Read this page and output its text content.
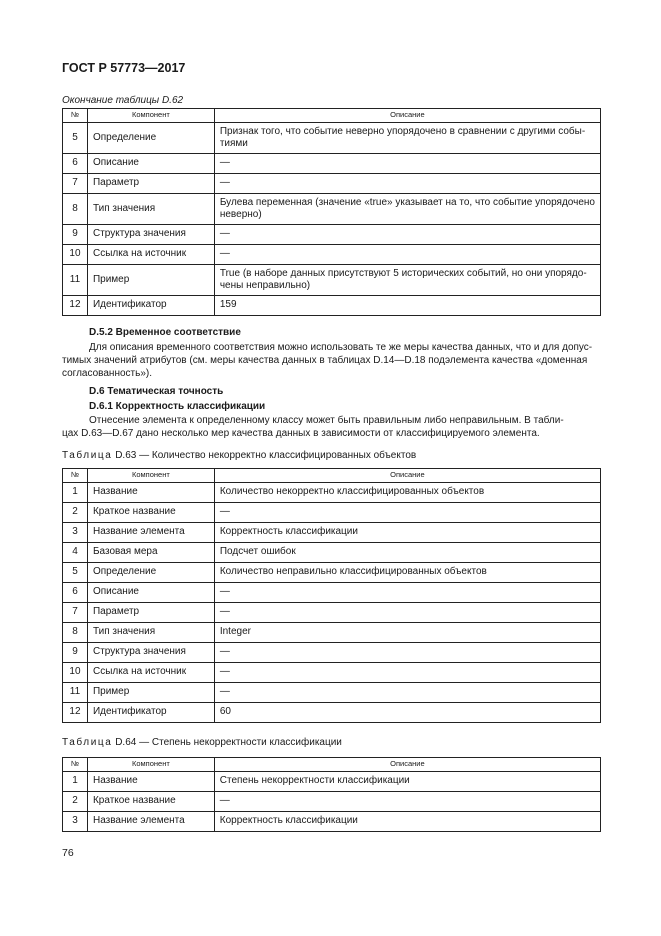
ГОСТ Р 57773—2017
Окончание таблицы D.62
№	Компонент	Описание
5	Определение	Признак того, что событие неверно упорядочено в сравнении с другими собы-
тиями

6	Описание	—
7	Параметр	—
8	Тип значения	Булева переменная (значение «true» указывает на то, что событие упорядочено
неверно)

9	Структура значения	—
10	Ссылка на источник	—
11	Пример	True (в наборе данных присутствуют 5 исторических событий, но они упорядо-
чены неправильно)

12	Идентификатор	159
D.5.2 Временное соответствие
Для описания временного соответствия можно использовать те же меры качества данных, что и для допус-
тимых значений атрибутов (см. меры качества данных в таблицах D.14—D.18 подэлемента качества «доменная
согласованность»).
D.6 Тематическая точность
D.6.1 Корректность классификации
Отнесение элемента к определенному классу может быть правильным либо неправильным. В табли-
цах D.63—D.67 дано несколько мер качества данных в зависимости от классифицируемого элемента.
Таблица D.63 — Количество некорректно классифицированных объектов
№	Компонент	Описание
1	Название	Количество некорректно классифицированных объектов
2	Краткое название	—
3	Название элемента	Корректность классификации
4	Базовая мера	Подсчет ошибок
5	Определение	Количество неправильно классифицированных объектов
6	Описание	—
7	Параметр	—
8	Тип значения	Integer
9	Структура значения	—
10	Ссылка на источник	—
11	Пример	—
12	Идентификатор	60
Таблица D.64 — Степень некорректности классификации
№	Компонент	Описание
1	Название	Степень некорректности классификации
2	Краткое название	—
3	Название элемента	Корректность классификации
76
